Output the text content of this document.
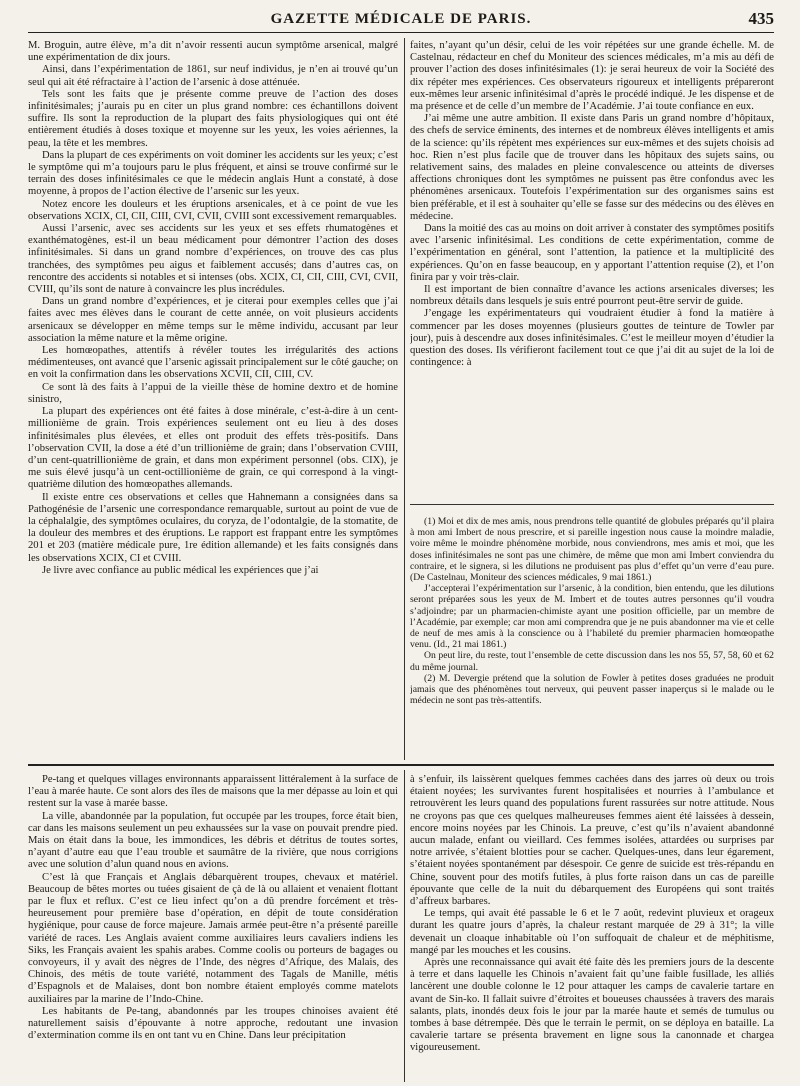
GAZETTE MÉDICALE DE PARIS.	435

M. Broguin, autre élève, m’a dit n’avoir ressenti aucun symptôme arsenical, malgré une expérimentation de dix jours.

Ainsi, dans l’expérimentation de 1861, sur neuf individus, je n’en ai trouvé qu’un seul qui ait été réfractaire à l’action de l’arsenic à dose atténuée.

Tels sont les faits que je présente comme preuve de l’action des doses infinitésimales; j’aurais pu en citer un plus grand nombre: ces échantillons doivent suffire. Ils sont la reproduction de la plupart des faits physiologiques qui ont été entièrement étudiés à doses toxique et moyenne sur les yeux, les voies aériennes, la peau, la tête et les membres.

Dans la plupart de ces expériments on voit dominer les accidents sur les yeux; c’est le symptôme qui m’a toujours paru le plus fréquent, et ainsi se trouve confirmé sur le terrain des doses infinitésimales ce que le médecin anglais Hunt a constaté, à dose moyenne, à propos de l’action élective de l’arsenic sur les yeux.

Notez encore les douleurs et les éruptions arsenicales, et à ce point de vue les observations XCIX, CI, CII, CIII, CVI, CVII, CVIII sont excessivement remarquables.

Aussi l’arsenic, avec ses accidents sur les yeux et ses effets rhumatogènes et exanthématogènes, est-il un beau médicament pour démontrer l’action des doses infinitésimales. Si dans un grand nombre d’expériences, on trouve des cas plus tranchées, des symptômes peu aigus et faiblement accusés; dans d’autres cas, on rencontre des accidents si notables et si intenses (obs. XCIX, CI, CII, CIII, CVI, CVII, CVIII, qu’ils sont de nature à convaincre les plus incrédules.

Dans un grand nombre d’expériences, et je citerai pour exemples celles que j’ai faites avec mes élèves dans le courant de cette année, on voit plusieurs accidents arsenicaux se développer en même temps sur le même individu, accusant par leur association la même nature et la même origine.

Les homœopathes, attentifs à révéler toutes les irrégularités des actions médimenteuses, ont avancé que l’arsenic agissait principalement sur le côté gauche; on en voit la confirmation dans les observations XCVII, CII, CIII, CV.

Ce sont là des faits à l’appui de la vieille thèse de homine dextro et de homine sinistro,

La plupart des expériences ont été faites à dose minérale, c’est-à-dire à un cent-millionième de grain. Trois expériences seulement ont eu lieu à des doses infinitésimales plus élevées, et elles ont produit des effets très-positifs. Dans l’observation CVII, la dose a été d’un trillionième de grain; dans l’observation CVIII, d’un cent-quatrillionième de grain, et dans mon expériment personnel (obs. CIX), je me suis élevé jusqu’à un cent-octillionième de grain, ce qui correspond à la vingt-quatrième dilution des homœopathes allemands.

Il existe entre ces observations et celles que Hahnemann a consignées dans sa Pathogénésie de l’arsenic une correspondance remarquable, surtout au point de vue de la céphalalgie, des symptômes oculaires, du coryza, de l’odontalgie, de la stomatite, de la douleur des membres et des éruptions. Le rapport est frappant entre les symptômes 201 et 203 (matière médicale pure, 1re édition allemande) et les faits consignés dans les observations XCIX, CI et CVIII.

Je livre avec confiance au public médical les expériences que j’ai

faites, n’ayant qu’un désir, celui de les voir répétées sur une grande échelle. M. de Castelnau, rédacteur en chef du Moniteur des sciences médicales, m’a mis au défi de prouver l’action des doses infinitésimales (1): je serai heureux de voir la Société des dix répéter mes expériences. Ces observateurs rigoureux et intelligents prépareront eux-mêmes leur arsenic infinitésimal d’après le procédé indiqué. Je les dispense et de ma présence et de celle d’un membre de l’Académie. J’ai toute confiance en eux.

J’ai même une autre ambition. Il existe dans Paris un grand nombre d’hôpitaux, des chefs de service éminents, des internes et de nombreux élèves intelligents et amis de la science: qu’ils répètent mes expériences sur eux-mêmes et des sujets choisis ad hoc. Rien n’est plus facile que de trouver dans les hôpitaux des sujets sains, ou relativement sains, des malades en pleine convalescence ou atteints de diverses affections chroniques dont les symptômes ne puissent pas être confondus avec les phénomènes arsenicaux. Toutefois l’expérimentation sur des organismes sains est bien préférable, et il est à souhaiter qu’elle se fasse sur des médecins ou des élèves en médecine.

Dans la moitié des cas au moins on doit arriver à constater des symptômes positifs avec l’arsenic infinitésimal. Les conditions de cette expérimentation, comme de l’expérimentation en général, sont l’attention, la patience et la multiplicité des expériences. Qu’on en fasse beaucoup, en y apportant l’attention requise (2), et l’on finira par y voir très-clair.

Il est important de bien connaître d’avance les actions arsenicales diverses; les nombreux détails dans lesquels je suis entré pourront peut-être servir de guide.

J’engage les expérimentateurs qui voudraient étudier à fond la matière à commencer par les doses moyennes (plusieurs gouttes de teinture de Towler par jour), puis à descendre aux doses infinitésimales. C’est le meilleur moyen d’étudier la question des doses. Ils vérifieront facilement tout ce que j’ai dit au sujet de la loi de contingence: à

(1) Moi et dix de mes amis, nous prendrons telle quantité de globules préparés qu’il plaira à mon ami Imbert de nous prescrire, et si pareille ingestion nous cause la moindre maladie, voire même le moindre phénomène morbide, nous conviendrons, mes amis et moi, que les doses infinitésimales ne sont pas une chimère, de même que mon ami Imbert conviendra du contraire, et le signera, si les dilutions ne produisent pas plus d’effet qu’un verre d’eau pure. (De Castelnau, Moniteur des sciences médicales, 9 mai 1861.)

J’accepterai l’expérimentation sur l’arsenic, à la condition, bien entendu, que les dilutions seront préparées sous les yeux de M. Imbert et de toutes autres personnes qu’il voudra s’adjoindre; par un pharmacien-chimiste ayant une position officielle, par un membre de l’Académie, par exemple; car mon ami comprendra que je ne puis abandonner ma vie et celle de neuf de mes amis à la conscience ou à l’habileté du premier pharmacien homœopathe venu. (Id., 21 mai 1861.)

On peut lire, du reste, tout l’ensemble de cette discussion dans les nos 55, 57, 58, 60 et 62 du même journal.

(2) M. Devergie prétend que la solution de Fowler à petites doses graduées ne produit jamais que des phénomènes tout nerveux, qui peuvent passer inaperçus si le malade ou le médecin ne sont pas très-attentifs.

Pe-tang et quelques villages environnants apparaissent littéralement à la surface de l’eau à marée haute. Ce sont alors des îles de maisons que la mer dépasse au loin et qui restent sur la vase à marée basse.

La ville, abandonnée par la population, fut occupée par les troupes, force était bien, car dans les maisons seulement un peu exhaussées sur la vase on pouvait prendre pied. Mais on était dans la boue, les immondices, les débris et détritus de toutes sortes, n’ayant d’autre eau que l’eau trouble et saumâtre de la rivière, que nous corrigions avec une solution d’alun quand nous en avions.

C’est là que Français et Anglais débarquèrent troupes, chevaux et matériel. Beaucoup de bêtes mortes ou tuées gisaient de çà de là ou allaient et venaient flottant par le flux et reflux. C’est ce lieu infect qu’on a dû prendre forcément et très-heureusement pour première base d’opération, en dépit de toute considération hygiénique, pour cause de force majeure. Jamais armée peut-être n’a présenté pareille variété de races. Les Anglais avaient comme auxiliaires leurs cavaliers indiens les Siks, les Français avaient les spahis arabes. Comme coolis ou porteurs de bagages ou convoyeurs, il y avait des nègres de l’Inde, des nègres d’Afrique, des Malais, des Chinois, des métis de toute variété, notamment des Tagals de Manille, métis d’Espagnols et de Malaises, dont bon nombre étaient employés comme matelots auxiliaires par la marine de l’Indo-Chine.

Les habitants de Pe-tang, abandonnés par les troupes chinoises avaient été naturellement saisis d’épouvante à notre approche, redoutant une invasion d’extermination comme ils en ont tant vu en Chine. Dans leur précipitation

à s’enfuir, ils laissèrent quelques femmes cachées dans des jarres où deux ou trois étaient noyées; les survivantes furent hospitalisées et nourries à l’ambulance et retrouvèrent les leurs quand des populations furent rassurées sur notre attitude. Nous ne croyons pas que ces quelques malheureuses femmes aient été laissées à dessein, encore moins noyées par les Chinois. La preuve, c’est qu’ils n’avaient abandonné aucun malade, enfant ou vieillard. Ces femmes isolées, attardées ou surprises par notre arrivée, s’étaient blotties pour se cacher. Quelques-unes, dans leur égarement, s’étaient noyées spontanément par désespoir. Ce genre de suicide est très-répandu en Chine, souvent pour des motifs futiles, à plus forte raison dans un cas de pareille épouvante que celle de la nuit du débarquement des Européens qui sont traités d’affreux barbares.

Le temps, qui avait été passable le 6 et le 7 août, redevint pluvieux et orageux durant les quatre jours d’après, la chaleur restant marquée de 29 à 31°; la ville devenait un cloaque inhabitable où l’on suffoquait de chaleur et de méphitisme, mangé par les mouches et les cousins.

Après une reconnaissance qui avait été faite dès les premiers jours de la descente à terre et dans laquelle les Chinois n’avaient fait qu’une faible fusillade, les alliés lancèrent une double colonne le 12 pour attaquer les camps de cavalerie tartare en avant de Sin-ko. Il fallait suivre d’étroites et boueuses chaussées à travers des marais salants, plats, inondés deux fois le jour par la marée haute et semés de tumulus ou tombes à base détrempée. Dès que le terrain le permit, on se déploya en bataille. La cavalerie tartare se présenta bravement en ligne sous la canonnade et chargea vigoureusement.
